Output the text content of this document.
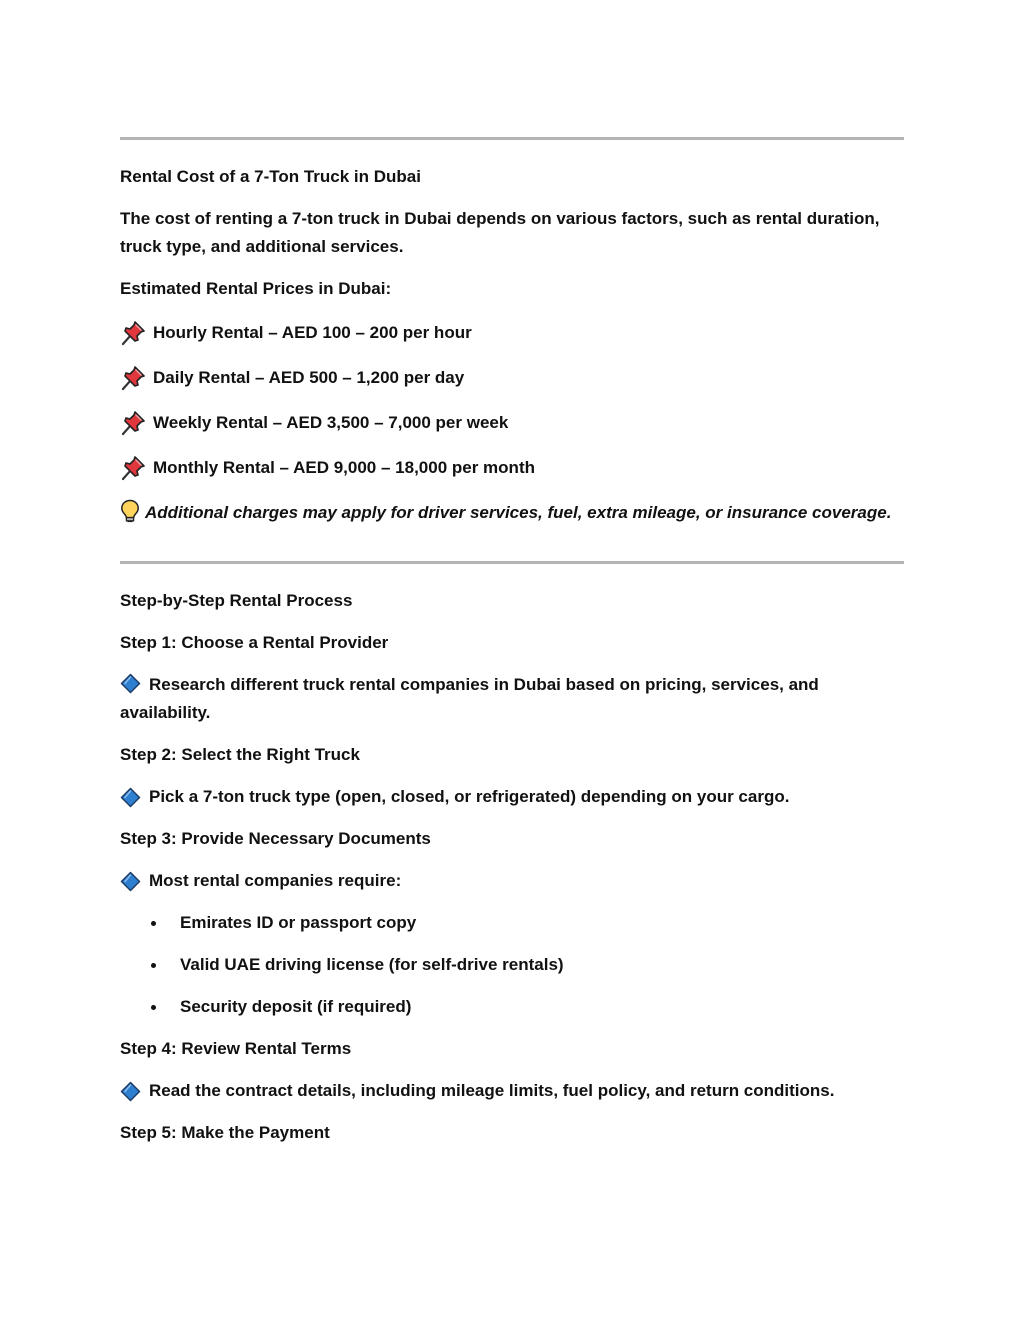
Rental Cost of a 7-Ton Truck in Dubai

The cost of renting a 7-ton truck in Dubai depends on various factors, such as rental duration, truck type, and additional services.

Estimated Rental Prices in Dubai:

Hourly Rental – AED 100 – 200 per hour
Daily Rental – AED 500 – 1,200 per day
Weekly Rental – AED 3,500 – 7,000 per week
Monthly Rental – AED 9,000 – 18,000 per month

Additional charges may apply for driver services, fuel, extra mileage, or insurance coverage.

Step-by-Step Rental Process

Step 1: Choose a Rental Provider

Research different truck rental companies in Dubai based on pricing, services, and availability.

Step 2: Select the Right Truck

Pick a 7-ton truck type (open, closed, or refrigerated) depending on your cargo.

Step 3: Provide Necessary Documents

Most rental companies require:

Emirates ID or passport copy
Valid UAE driving license (for self-drive rentals)
Security deposit (if required)

Step 4: Review Rental Terms

Read the contract details, including mileage limits, fuel policy, and return conditions.

Step 5: Make the Payment
